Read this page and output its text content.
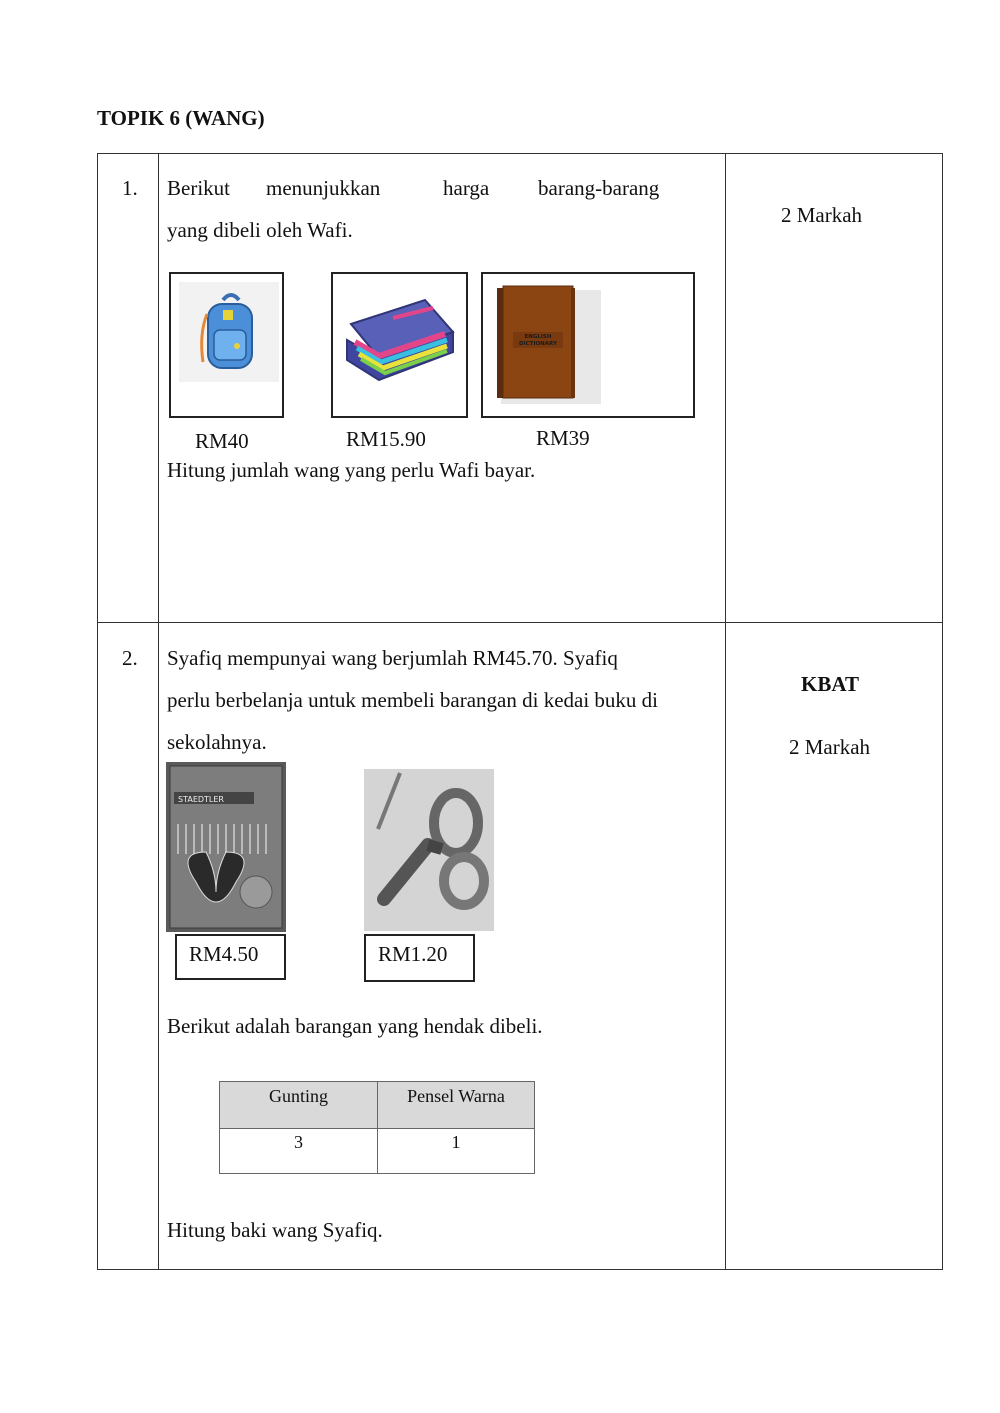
TOPIK 6 (WANG)
1. Berikut menunjukkan	harga barang-barang
yang dibeli oleh Wafi.
2 Markah
ENGLISH DICTIONARY
RM40	RM15.90	RM39
Hitung jumlah wang yang perlu Wafi bayar.
2. Syafiq mempunyai wang berjumlah RM45.70. Syafiq
perlu berbelanja untuk membeli barangan di kedai buku di
sekolahnya.
KBAT
2 Markah
STAEDTLER
RM4.50	RM1.20
Berikut adalah barangan yang hendak dibeli.
Gunting	Pensel Warna
3	1
Hitung baki wang Syafiq.
